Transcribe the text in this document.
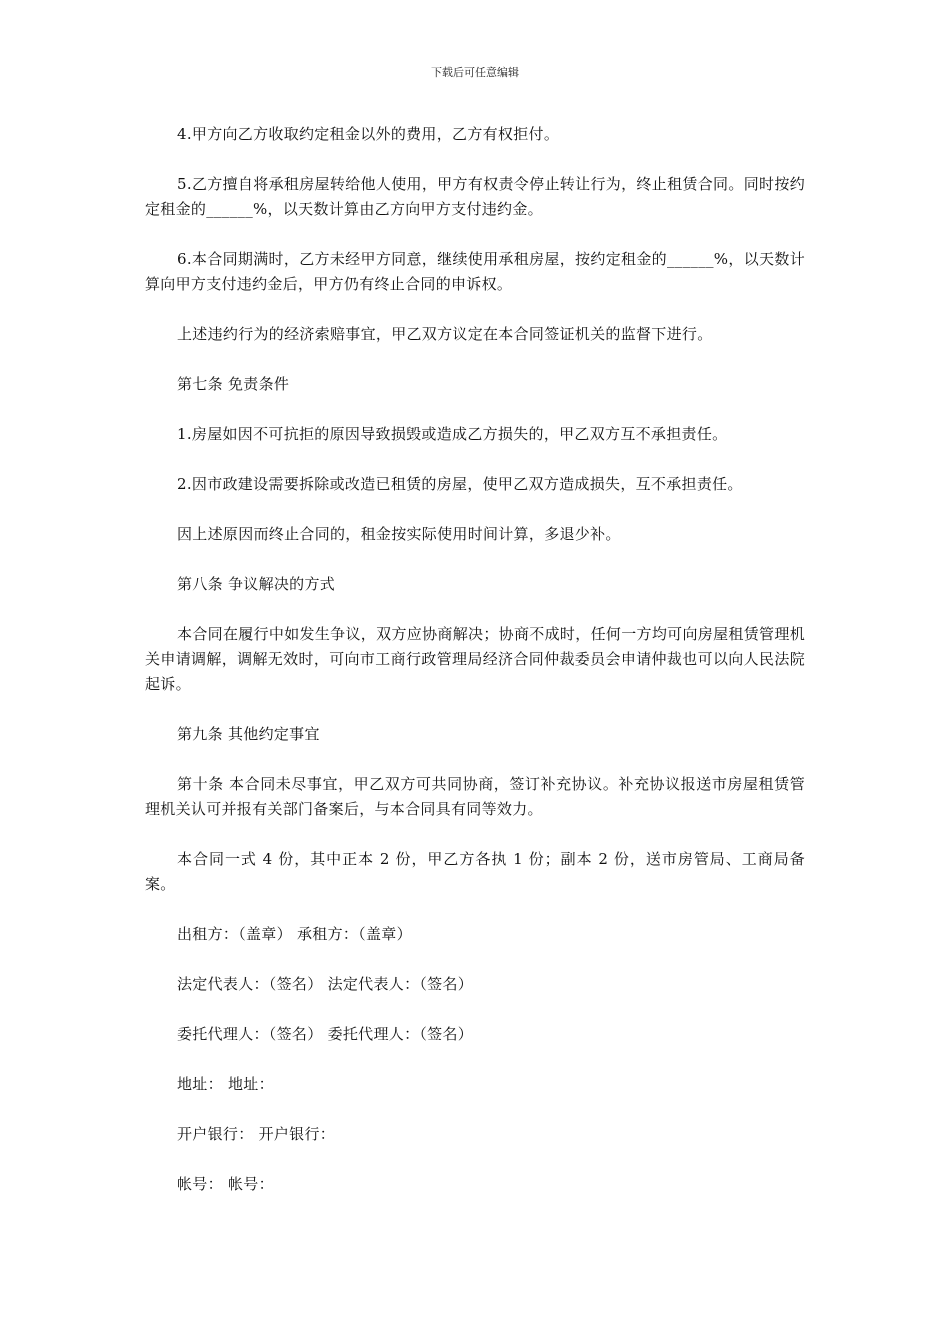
下载后可任意编辑

4.甲方向乙方收取约定租金以外的费用，乙方有权拒付。

5.乙方擅自将承租房屋转给他人使用，甲方有权责令停止转让行为，终止租赁合同。同时按约定租金的______%，以天数计算由乙方向甲方支付违约金。

6.本合同期满时，乙方未经甲方同意，继续使用承租房屋，按约定租金的______%，以天数计算向甲方支付违约金后，甲方仍有终止合同的申诉权。

上述违约行为的经济索赔事宜，甲乙双方议定在本合同签证机关的监督下进行。

第七条 免责条件

1.房屋如因不可抗拒的原因导致损毁或造成乙方损失的，甲乙双方互不承担责任。

2.因市政建设需要拆除或改造已租赁的房屋，使甲乙双方造成损失，互不承担责任。

因上述原因而终止合同的，租金按实际使用时间计算，多退少补。

第八条 争议解决的方式

本合同在履行中如发生争议，双方应协商解决；协商不成时，任何一方均可向房屋租赁管理机关申请调解，调解无效时，可向市工商行政管理局经济合同仲裁委员会申请仲裁也可以向人民法院起诉。

第九条 其他约定事宜

第十条 本合同未尽事宜，甲乙双方可共同协商，签订补充协议。补充协议报送市房屋租赁管理机关认可并报有关部门备案后，与本合同具有同等效力。

本合同一式 4 份，其中正本 2 份，甲乙方各执 1 份；副本 2 份，送市房管局、工商局备案。

出租方：（盖章） 承租方：（盖章）

法定代表人：（签名） 法定代表人：（签名）

委托代理人：（签名） 委托代理人：（签名）

地址： 地址：

开户银行： 开户银行：

帐号： 帐号：
